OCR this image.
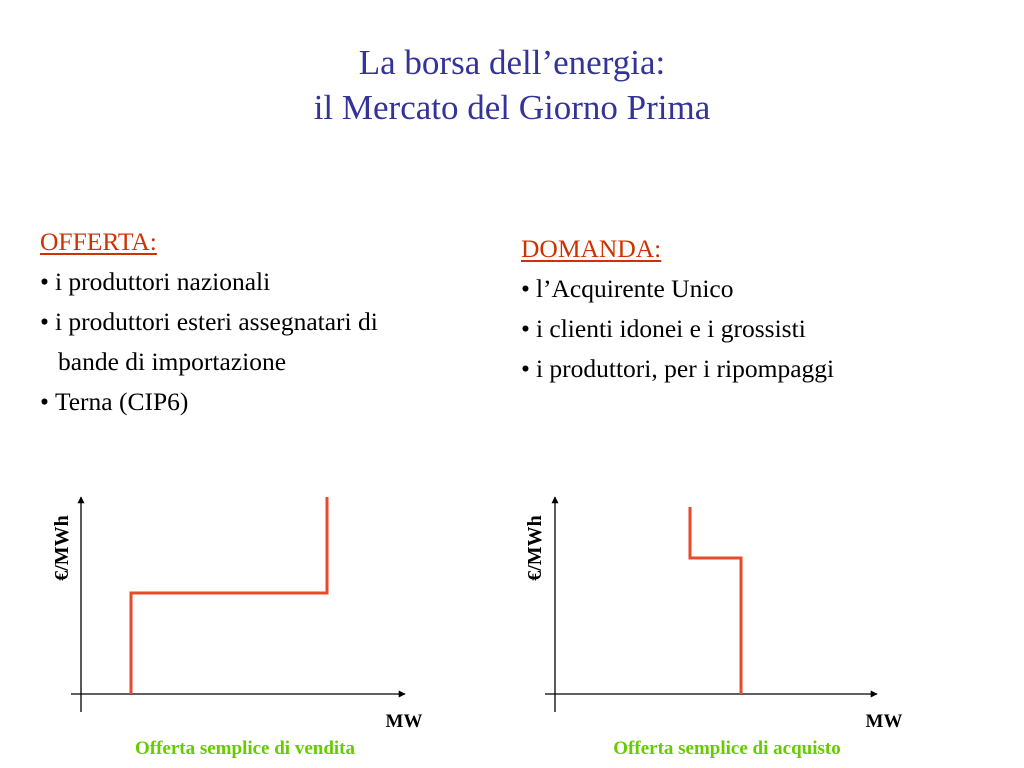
La borsa dell’energia:
il Mercato del Giorno Prima
OFFERTA:
• i produttori nazionali
• i produttori esteri assegnatari di
bande di importazione
• Terna (CIP6)
DOMANDA:
• l’Acquirente Unico
• i clienti idonei e i grossisti
• i produttori, per i ripompaggi
€/MWh
MW
Offerta semplice di vendita
€/MWh
MW
Offerta semplice di acquisto
